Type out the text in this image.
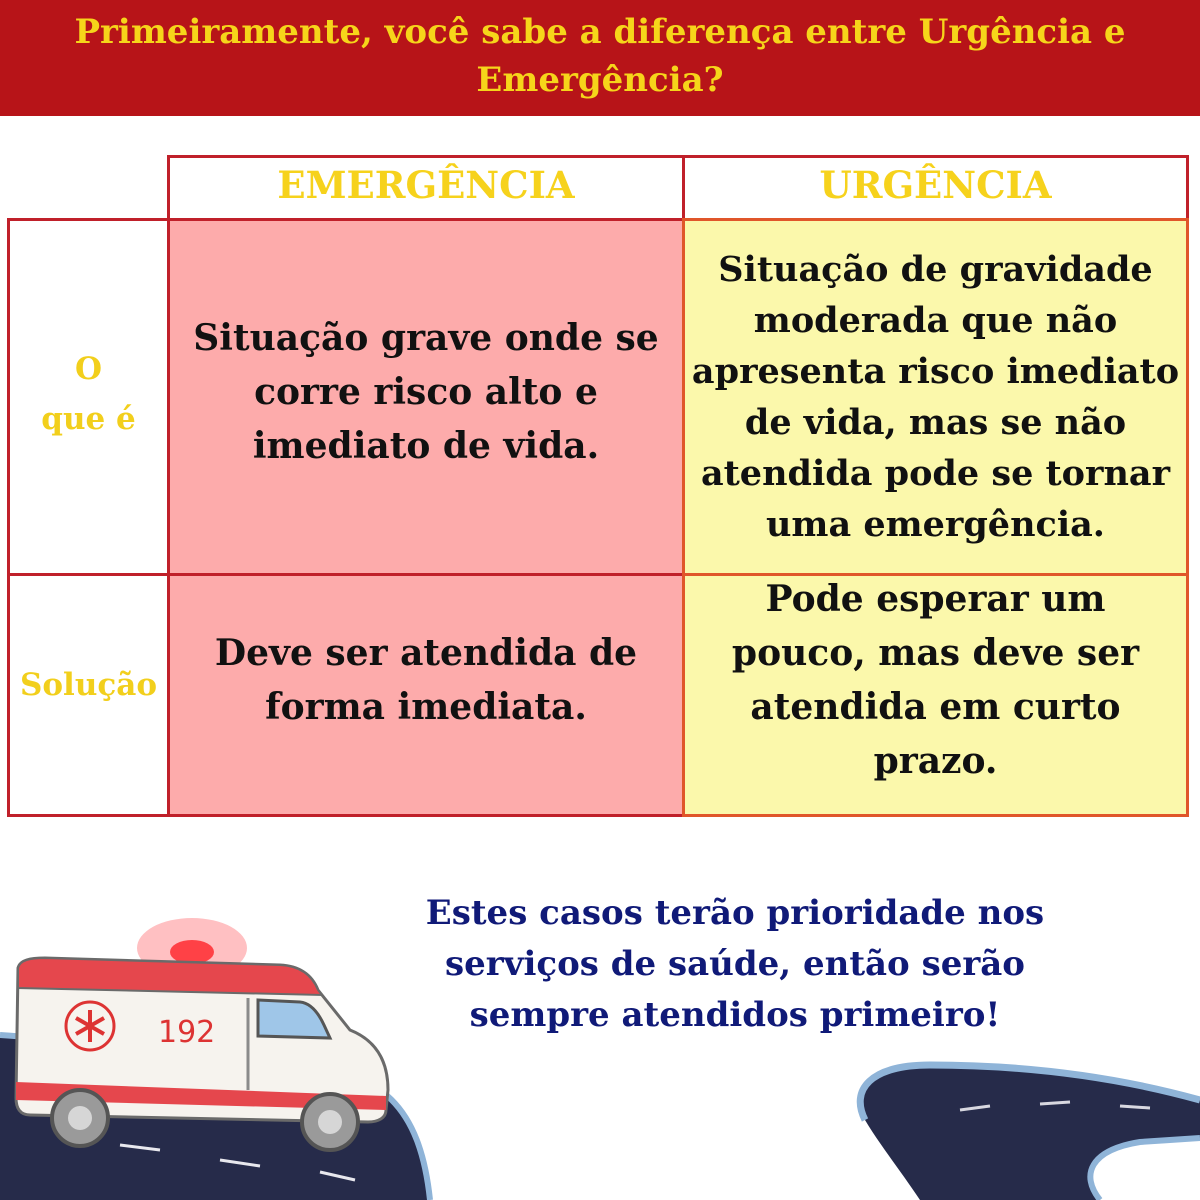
Primeiramente, você sabe a diferença entre Urgência e Emergência?
EMERGÊNCIA	URGÊNCIA
O que é
Situação grave onde se corre risco alto e imediato de vida.
Situação de gravidade moderada que não apresenta risco imediato de vida, mas se não atendida pode se tornar uma emergência.
Solução
Deve ser atendida de forma imediata.
Pode esperar um pouco, mas deve ser atendida em curto prazo.
192
Estes casos terão prioridade nos serviços de saúde, então serão sempre atendidos primeiro!
